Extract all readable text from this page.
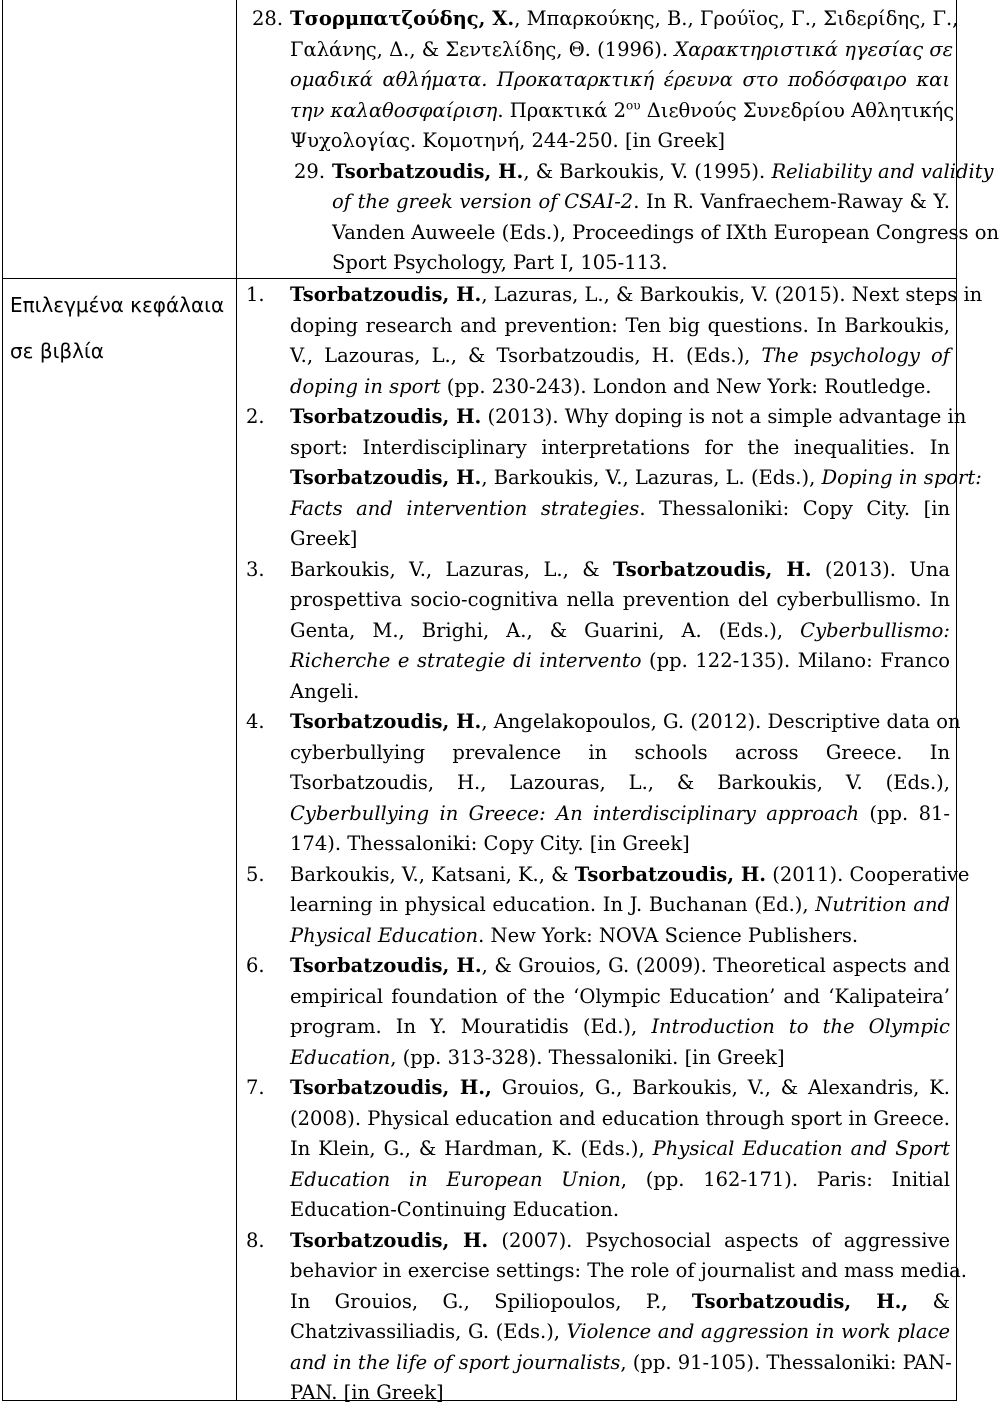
Επιλεγμένα κεφάλαια
σε βιβλία
28. Τσορμπατζούδης, Χ., Μπαρκούκης, Β., Γρούϊος, Γ., Σιδερίδης, Γ.,
Γαλάνης, Δ., & Σεντελίδης, Θ. (1996). Χαρακτηριστικά ηγεσίας σε
ομαδικά αθλήματα. Προκαταρκτική έρευνα στο ποδόσφαιρο και
την καλαθοσφαίριση. Πρακτικά $2^{o\upsilon}$ Διεθνούς Συνεδρίου Αθλητικής
Ψυχολογίας. Κομοτηνή, 244-250. [in Greek]
29. Tsorbatzoudis, H., & Barkoukis, V. (1995). Reliability and validity
of the greek version of CSAI-2. In R. Vanfraechem-Raway & Y.
Vanden Auweele (Eds.), Proceedings of IXth European Congress on
Sport Psychology, Part I, 105-113.
1. Tsorbatzoudis, H., Lazuras, L., & Barkoukis, V. (2015). Next steps in
doping research and prevention: Ten big questions. In Barkoukis,
V., Lazouras, L., & Tsorbatzoudis, H. (Eds.), The psychology of
doping in sport (pp. 230-243). London and New York: Routledge.
2. Tsorbatzoudis, H. (2013). Why doping is not a simple advantage in
sport: Interdisciplinary interpretations for the inequalities. In
Tsorbatzoudis, H., Barkoukis, V., Lazuras, L. (Eds.), Doping in sport:
Facts and intervention strategies. Thessaloniki: Copy City. [in
Greek]
3. Barkoukis, V., Lazuras, L., & Tsorbatzoudis, H. (2013). Una
prospettiva socio-cognitiva nella prevention del cyberbullismo. In
Genta, M., Brighi, A., & Guarini, A. (Eds.), Cyberbullismo:
Richerche e strategie di intervento (pp. 122-135). Milano: Franco
Angeli.
4. Tsorbatzoudis, H., Angelakopoulos, G. (2012). Descriptive data on
cyberbullying prevalence in schools across Greece. In
Tsorbatzoudis, H., Lazouras, L., & Barkoukis, V. (Eds.),
Cyberbullying in Greece: An interdisciplinary approach (pp. 81-
174). Thessaloniki: Copy City. [in Greek]
5. Barkoukis, V., Katsani, K., & Tsorbatzoudis, H. (2011). Cooperative
learning in physical education. In J. Buchanan (Ed.), Nutrition and
Physical Education. New York: NOVA Science Publishers.
6. Tsorbatzoudis, H., & Grouios, G. (2009). Theoretical aspects and
empirical foundation of the ‘Olympic Education’ and ‘Kalipateira’
program. In Y. Mouratidis (Ed.), Introduction to the Olympic
Education, (pp. 313-328). Thessaloniki. [in Greek]
7. Tsorbatzoudis, H., Grouios, G., Barkoukis, V., & Alexandris, K.
(2008). Physical education and education through sport in Greece.
In Klein, G., & Hardman, K. (Eds.), Physical Education and Sport
Education in European Union, (pp. 162-171). Paris: Initial
Education-Continuing Education.
8. Tsorbatzoudis, H. (2007). Psychosocial aspects of aggressive
behavior in exercise settings: The role of journalist and mass media.
In Grouios, G., Spiliopoulos, P., Tsorbatzoudis, H., &
Chatzivassiliadis, G. (Eds.), Violence and aggression in work place
and in the life of sport journalists, (pp. 91-105). Thessaloniki: PAN-
PAN. [in Greek]
